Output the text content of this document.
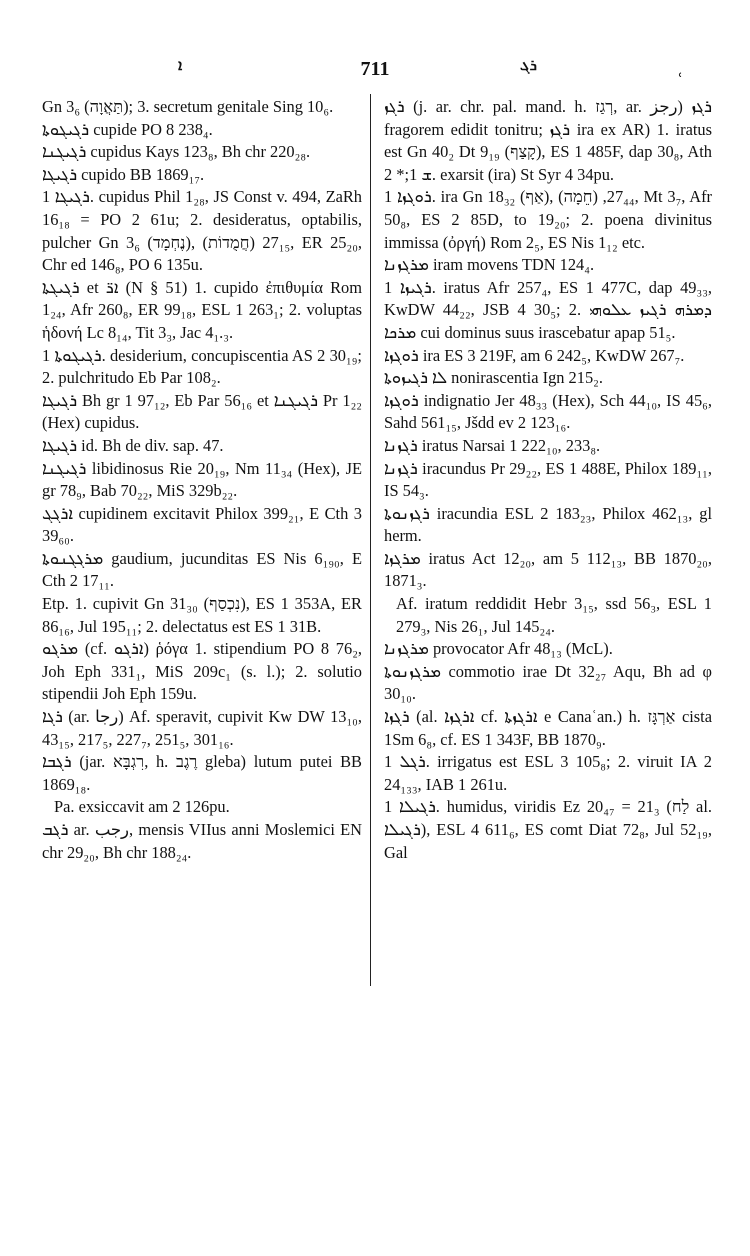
ܐ	711	ܪܓ
ʿ

Gn 3₆ (תַּאֲוָה); 3. secretum genitale Sing 10₆.

ܪܓܝܓܘܬܐ cupide PO 8 238₄.

ܪܓܝܓܢܐ cupidus Kays 123₈, Bh chr 220₂₈.

ܪܓܝܓܐ cupido BB 1869₁₇.

ܪܓܝܓܐ 1. cupidus Phil 1₂₈, JS Const v. 494, ZaRh 16₁₈ = PO 2 61u; 2. desideratus, optabilis, pulcher Gn 3₆ (נֶחְמָד), 27₁₅ (חֲמֻדוֹת), ER 25₂₀, Chr ed 146₈, PO 6 135u.

ܪܓܝܓܬܐ et ܐܪ̈ (N § 51) 1. cupido ἐπιθυμία Rom 1₂₄, Afr 260₈, ER 99₁₈, ESL 1 263₁; 2. voluptas ἡδονή Lc 8₁₄, Tit 3₃, Jac 4₁.₃.

ܪܓܝܓܘܬܐ 1. desiderium, concupiscentia AS 2 30₁₉; 2. pulchritudo Eb Par 108₂.

ܪܓܝܓܐ Bh gr 1 97₁₂, Eb Par 56₁₆ et ܪܓܝܓܢܐ Pr 1₂₂ (Hex) cupidus.

ܪܓܝܓܐ id. Bh de div. sap. 47.

ܪܓܝܓܢܐ libidinosus Rie 20₁₉, Nm 11₃₄ (Hex), JE gr 78₉, Bab 70₂₂, MiS 329b₂₂.

ܐܪܓܓ cupidinem excitavit Philox 399₂₁, E Cth 3 39₆₀.

ܡܪܓܓܢܘܬܐ gaudium, jucunditas ES Nis 6₁₉₀, E Cth 2 17₁₁.

Etp. 1. cupivit Gn 31₃₀ (נִכְסַף), ES 1 353A, ER 86₁₆, Jul 195₁₁; 2. delectatus est ES 1 31B.

ܡܪܓܘ (cf. ܐܪܓܘ) ῥόγα 1. stipendium PO 8 76₂, Joh Eph 331₁, MiS 209c₁ (s. l.); 2. solutio stipendii Joh Eph 159u.

ܪܓܐ (ar. رجا) Af. speravit, cupivit Kw DW 13₁₀, 43₁₅, 217₅, 227₇, 251₅, 301₁₆.

ܪܓܒܐ (jar. רִגְבָּא, h. רֶגֶב gleba) lutum putei BB 1869₁₈.

Pa. exsiccavit am 2 126pu.

ܪܓܒ ar. رجب, mensis VIIus anni Moslemici EN chr 29₂₀, Bh chr 188₂₄.

ܪܓܙ (j. ar. chr. pal. mand. h. רְגַז, ar. رجز) ܪܓܙ fragorem edidit tonitru; ܪܓܙ ira ex AR) 1. iratus est Gn 40₂ Dt 9₁₉ (קָצַף), ES 1 485F, dap 30₈, Ath ܫ 1;* 2. exarsit (ira) St Syr 4 34pu.

ܪܘܓܙܐ 1. ira Gn 18₃₂ (אַף), 27₄₄, (חֵמָה), Mt 3₇, Afr 50₈, ES 2 85D, to 19₂₀; 2. poena divinitus immissa (ὀργή) Rom 2₅, ES Nis 1₁₂ etc.

ܡܪܓܙܢܐ iram movens TDN 124₄.

ܪܓܝܙܐ 1. iratus Afr 257₄, ES 1 477C, dap 49₃₃, KwDW 44₂₂, JSB 4 30₅; 2. ܕܡܪܗ ܪܓܝܙ ܥܠܘܗܝ ܡܪܟܐ cui dominus suus irascebatur apap 51₅.

ܪܘܓܙܐ ira ES 3 219F, am 6 242₅, KwDW 267₇.

ܠܐ ܪܓܝܙܘܬܐ nonirascentia Ign 215₂.

ܪܘܓܙܐ indignatio Jer 48₃₃ (Hex), Sch 44₁₀, IS 45₆, Sahd 561₁₅, Jšdd ev 2 123₁₆.

ܪܓܙܢܐ iratus Narsai 1 222₁₀, 233₈.

ܪܓܙܢܐ iracundus Pr 29₂₂, ES 1 488E, Philox 189₁₁, IS 54₃.

ܪܓܙܢܘܬܐ iracundia ESL 2 183₂₃, Philox 462₁₃, gl herm.

ܡܪܓܙܐ iratus Act 12₂₀, am 5 112₁₃, BB 1870₂₀, 1871₃.

Af. iratum reddidit Hebr 3₁₅, ssd 56₃, ESL 1 279₃, Nis 26₁, Jul 145₂₄.

ܡܪܓܙܢܐ provocator Afr 48₁₃ (McL).

ܡܪܓܙܢܘܬܐ commotio irae Dt 32₂₇ Aqu, Bh ad φ 30₁₀.

ܪܓܙܐ (al. ܐܪܓܙܐ cf. ܐܪܓܙܬܐ e Canaʿan.) h. אַרְגָּז cista 1Sm 6₈, cf. ES 1 343F, BB 1870₉.

ܪܓܠ 1. irrigatus est ESL 3 105₈; 2. viruit IA 2 24₁₃₃, IAB 1 261u.

ܪܓܝܠܐ 1. humidus, viridis Ez 20₄₇ = 21₃ (לַח al. ܪܓܝܠܐ), ESL 4 611₆, ES comt Diat 72₈, Jul 52₁₉, Gal
